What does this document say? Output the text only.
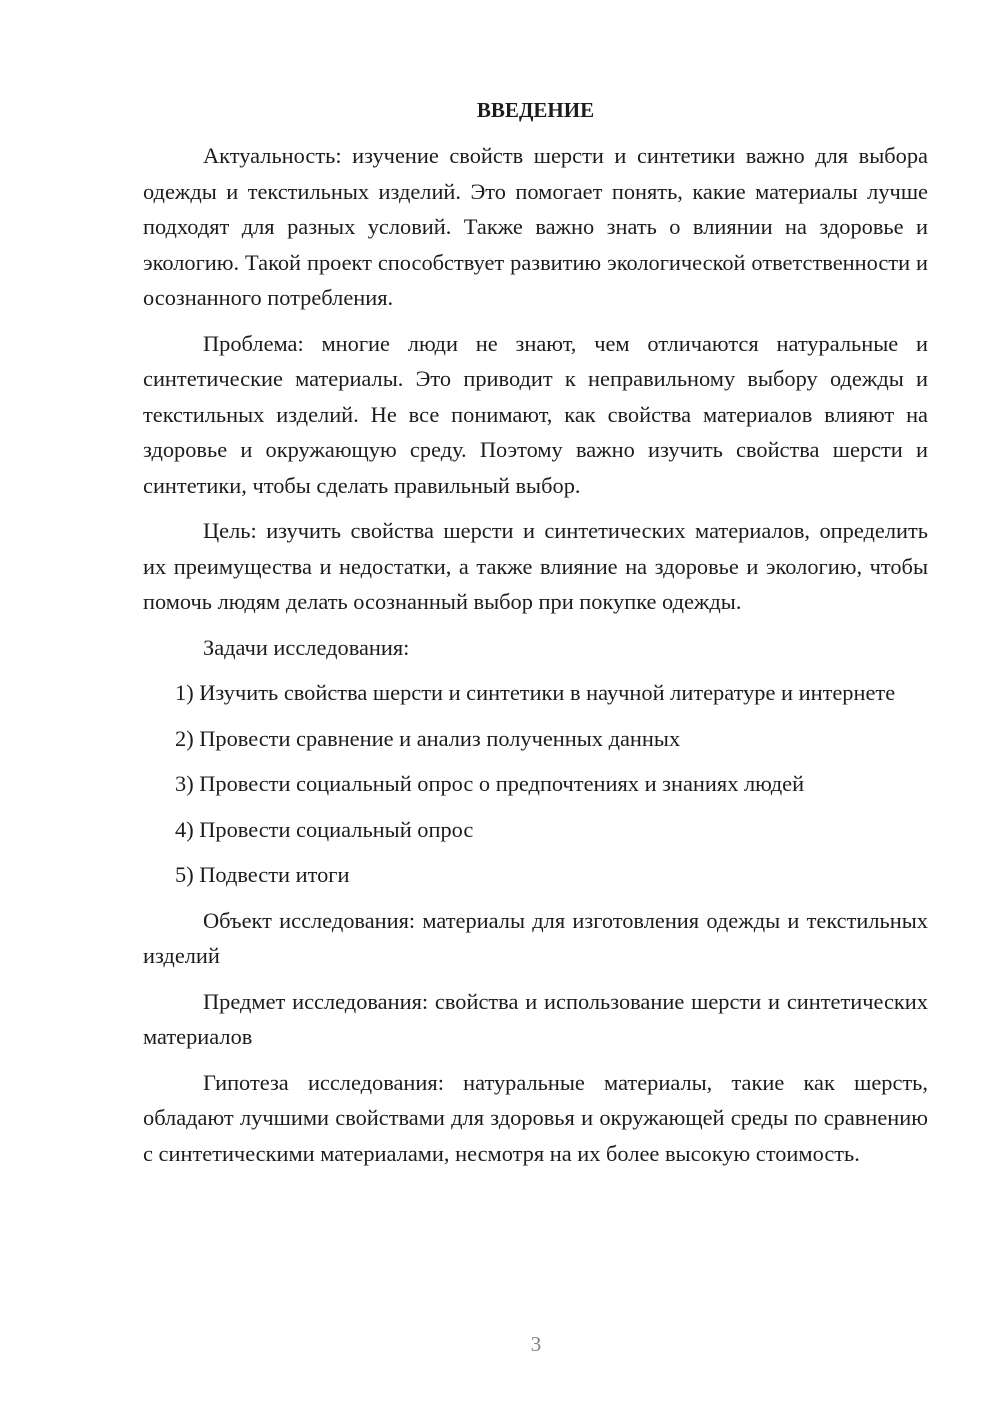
ВВЕДЕНИЕ

Актуальность: изучение свойств шерсти и синтетики важно для выбора одежды и текстильных изделий. Это помогает понять, какие материалы лучше подходят для разных условий. Также важно знать о влиянии на здоровье и экологию. Такой проект способствует развитию экологической ответственности и осознанного потребления.

Проблема: многие люди не знают, чем отличаются натуральные и синтетические материалы. Это приводит к неправильному выбору одежды и текстильных изделий. Не все понимают, как свойства материалов влияют на здоровье и окружающую среду. Поэтому важно изучить свойства шерсти и синтетики, чтобы сделать правильный выбор.

Цель: изучить свойства шерсти и синтетических материалов, определить их преимущества и недостатки, а также влияние на здоровье и экологию, чтобы помочь людям делать осознанный выбор при покупке одежды.

Задачи исследования:

1) Изучить свойства шерсти и синтетики в научной литературе и интернете

2) Провести сравнение и анализ полученных данных

3) Провести социальный опрос о предпочтениях и знаниях людей

4) Провести социальный опрос

5) Подвести итоги

Объект исследования: материалы для изготовления одежды и текстильных изделий

Предмет исследования: свойства и использование шерсти и синтетических материалов

Гипотеза исследования: натуральные материалы, такие как шерсть, обладают лучшими свойствами для здоровья и окружающей среды по сравнению с синтетическими материалами, несмотря на их более высокую стоимость.

3
